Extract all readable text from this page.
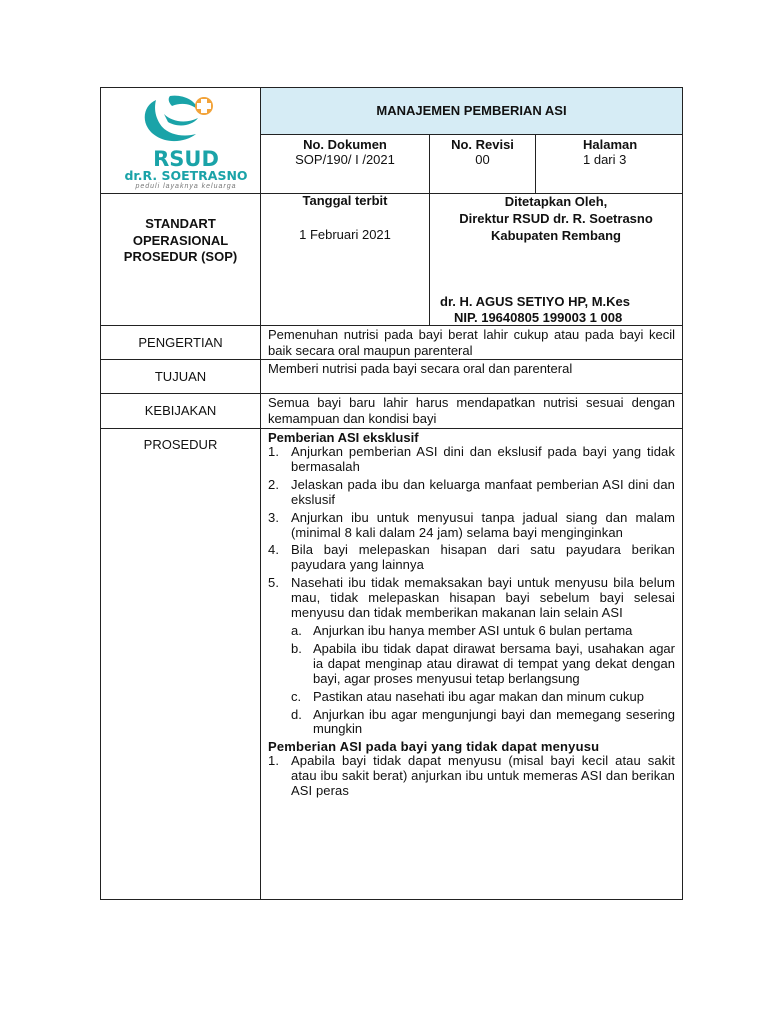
RSUD
dr.R. SOETRASNO
peduli layaknya keluarga
MANAJEMEN PEMBERIAN ASI
No. Dokumen
SOP/190/ I /2021
No. Revisi
00
Halaman
1 dari 3
STANDART OPERASIONAL PROSEDUR (SOP)
Tanggal terbit
1 Februari 2021
Ditetapkan Oleh,
Direktur RSUD dr. R. Soetrasno
Kabupaten Rembang
dr. H. AGUS SETIYO HP, M.Kes
NIP. 19640805 199003 1 008
PENGERTIAN
TUJUAN
KEBIJAKAN
PROSEDUR
Pemenuhan nutrisi pada bayi berat lahir cukup atau pada bayi kecil baik secara oral maupun parenteral
Memberi nutrisi pada bayi secara oral dan parenteral
Semua bayi baru lahir harus mendapatkan nutrisi sesuai dengan kemampuan dan kondisi bayi
Pemberian ASI eksklusif
1. Anjurkan pemberian ASI dini dan ekslusif pada bayi yang tidak bermasalah
2. Jelaskan pada ibu dan keluarga manfaat pemberian ASI dini dan ekslusif
3. Anjurkan ibu untuk menyusui tanpa jadual siang dan malam (minimal 8 kali dalam 24 jam) selama bayi menginginkan
4. Bila bayi melepaskan hisapan dari satu payudara berikan payudara yang lainnya
5. Nasehati ibu tidak memaksakan bayi untuk menyusu bila belum mau, tidak melepaskan hisapan bayi sebelum bayi selesai menyusu dan tidak memberikan makanan lain selain ASI
a. Anjurkan ibu hanya member ASI untuk 6 bulan pertama
b. Apabila ibu tidak dapat dirawat bersama bayi, usahakan agar ia dapat menginap atau dirawat di tempat yang dekat dengan bayi, agar proses menyusui tetap berlangsung
c. Pastikan atau nasehati ibu agar makan dan minum cukup
d. Anjurkan ibu agar mengunjungi bayi dan memegang sesering mungkin
Pemberian ASI pada bayi yang tidak dapat menyusu
1. Apabila bayi tidak dapat menyusu (misal bayi kecil atau sakit atau ibu sakit berat) anjurkan ibu untuk memeras ASI dan berikan ASI peras
